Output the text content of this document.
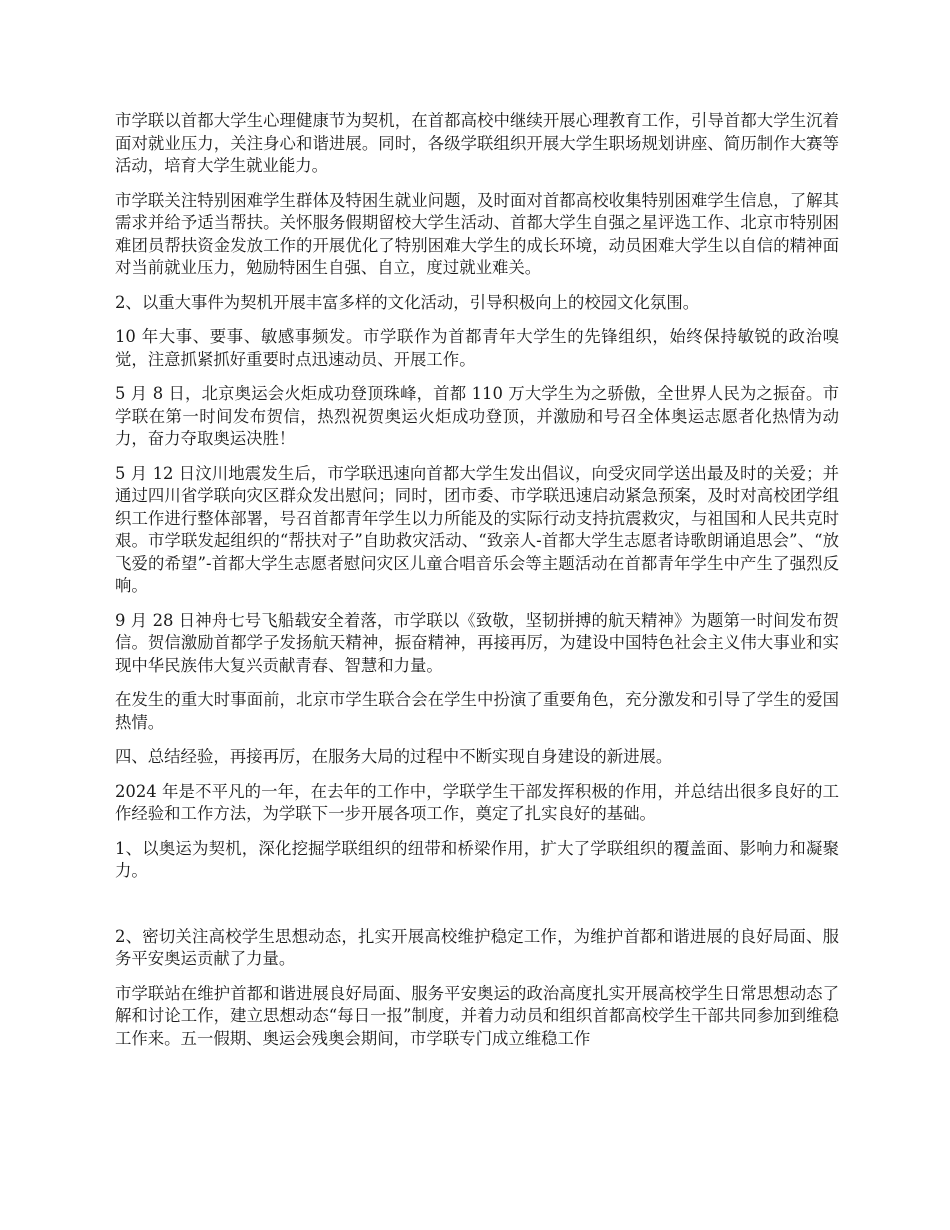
市学联以首都大学生心理健康节为契机，在首都高校中继续开展心理教育工作，引导首都大学生沉着面对就业压力，关注身心和谐进展。同时，各级学联组织开展大学生职场规划讲座、简历制作大赛等活动，培育大学生就业能力。

市学联关注特别困难学生群体及特困生就业问题，及时面对首都高校收集特别困难学生信息，了解其需求并给予适当帮扶。关怀服务假期留校大学生活动、首都大学生自强之星评选工作、北京市特别困难团员帮扶资金发放工作的开展优化了特别困难大学生的成长环境，动员困难大学生以自信的精神面对当前就业压力，勉励特困生自强、自立，度过就业难关。

2、以重大事件为契机开展丰富多样的文化活动，引导积极向上的校园文化氛围。

10 年大事、要事、敏感事频发。市学联作为首都青年大学生的先锋组织，始终保持敏锐的政治嗅觉，注意抓紧抓好重要时点迅速动员、开展工作。

5 月 8 日，北京奥运会火炬成功登顶珠峰，首都 110 万大学生为之骄傲，全世界人民为之振奋。市学联在第一时间发布贺信，热烈祝贺奥运火炬成功登顶，并激励和号召全体奥运志愿者化热情为动力，奋力夺取奥运决胜！

5 月 12 日汶川地震发生后，市学联迅速向首都大学生发出倡议，向受灾同学送出最及时的关爱；并通过四川省学联向灾区群众发出慰问；同时，团市委、市学联迅速启动紧急预案，及时对高校团学组织工作进行整体部署，号召首都青年学生以力所能及的实际行动支持抗震救灾，与祖国和人民共克时艰。市学联发起组织的“帮扶对子”自助救灾活动、“致亲人-首都大学生志愿者诗歌朗诵追思会”、“放飞爱的希望”-首都大学生志愿者慰问灾区儿童合唱音乐会等主题活动在首都青年学生中产生了强烈反响。

9 月 28 日神舟七号飞船载安全着落，市学联以《致敬，坚韧拼搏的航天精神》为题第一时间发布贺信。贺信激励首都学子发扬航天精神，振奋精神，再接再厉，为建设中国特色社会主义伟大事业和实现中华民族伟大复兴贡献青春、智慧和力量。

在发生的重大时事面前，北京市学生联合会在学生中扮演了重要角色，充分激发和引导了学生的爱国热情。

四、总结经验，再接再厉，在服务大局的过程中不断实现自身建设的新进展。

2024 年是不平凡的一年，在去年的工作中，学联学生干部发挥积极的作用，并总结出很多良好的工作经验和工作方法，为学联下一步开展各项工作，奠定了扎实良好的基础。

1、以奥运为契机，深化挖掘学联组织的纽带和桥梁作用，扩大了学联组织的覆盖面、影响力和凝聚力。

2、密切关注高校学生思想动态，扎实开展高校维护稳定工作，为维护首都和谐进展的良好局面、服务平安奥运贡献了力量。

市学联站在维护首都和谐进展良好局面、服务平安奥运的政治高度扎实开展高校学生日常思想动态了解和讨论工作，建立思想动态“每日一报”制度，并着力动员和组织首都高校学生干部共同参加到维稳工作来。五一假期、奥运会残奥会期间，市学联专门成立维稳工作
